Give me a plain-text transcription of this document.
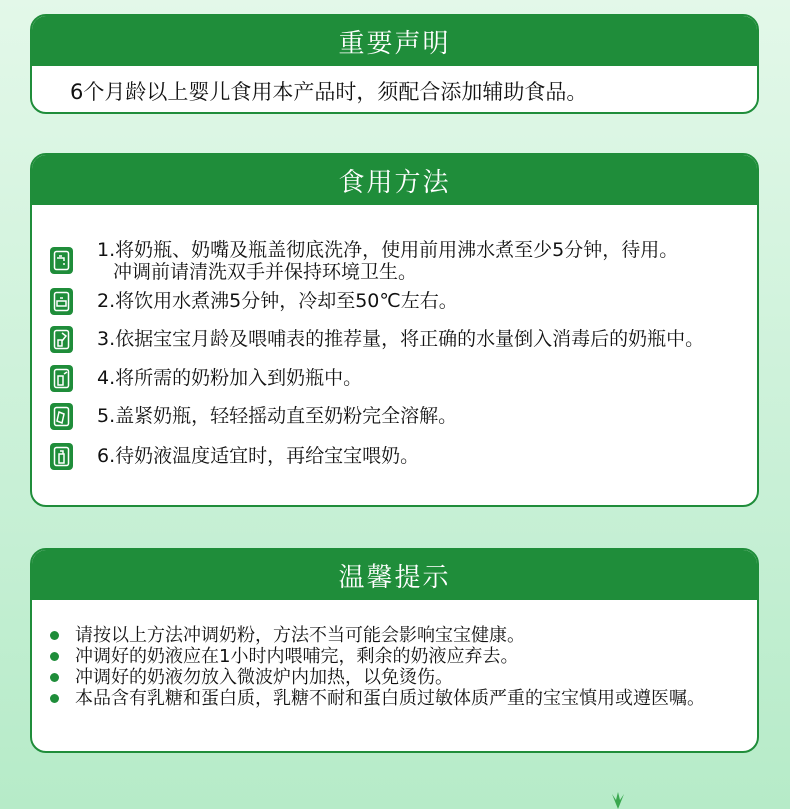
重要声明
6个月龄以上婴儿食用本产品时，须配合添加辅助食品。
食用方法
1.将奶瓶、奶嘴及瓶盖彻底洗净，使用前用沸水煮至少5分钟，待用。
冲调前请清洗双手并保持环境卫生。
2.将饮用水煮沸5分钟，冷却至50℃左右。
3.依据宝宝月龄及喂哺表的推荐量，将正确的水量倒入消毒后的奶瓶中。
4.将所需的奶粉加入到奶瓶中。
5.盖紧奶瓶，轻轻摇动直至奶粉完全溶解。
6.待奶液温度适宜时，再给宝宝喂奶。
温馨提示
请按以上方法冲调奶粉，方法不当可能会影响宝宝健康。
冲调好的奶液应在1小时内喂哺完，剩余的奶液应弃去。
冲调好的奶液勿放入微波炉内加热，以免烫伤。
本品含有乳糖和蛋白质，乳糖不耐和蛋白质过敏体质严重的宝宝慎用或遵医嘱。
